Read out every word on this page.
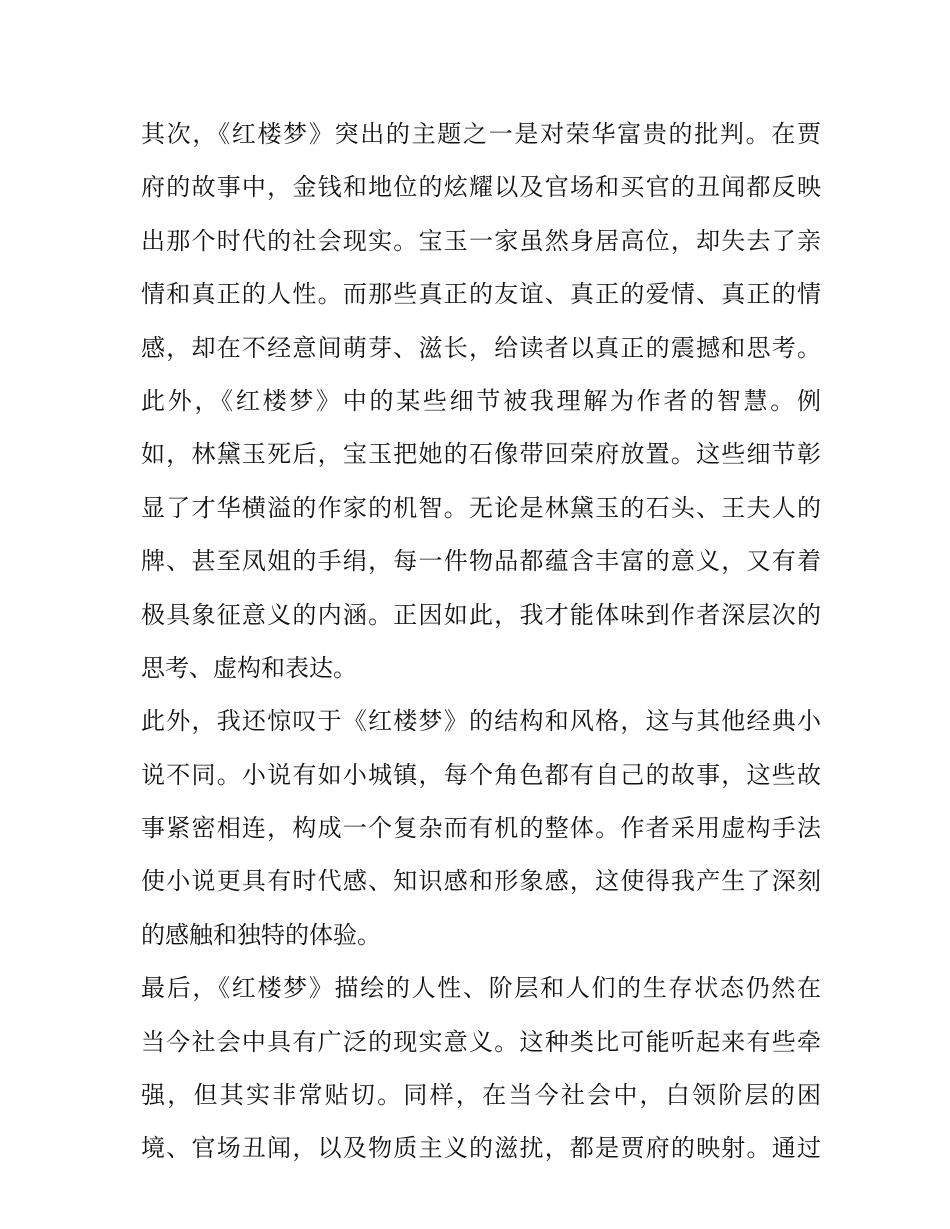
其次，《红楼梦》突出的主题之一是对荣华富贵的批判。在贾
府的故事中，金钱和地位的炫耀以及官场和买官的丑闻都反映
出那个时代的社会现实。宝玉一家虽然身居高位，却失去了亲
情和真正的人性。而那些真正的友谊、真正的爱情、真正的情
感，却在不经意间萌芽、滋长，给读者以真正的震撼和思考。
此外，《红楼梦》中的某些细节被我理解为作者的智慧。例
如，林黛玉死后，宝玉把她的石像带回荣府放置。这些细节彰
显了才华横溢的作家的机智。无论是林黛玉的石头、王夫人的
牌、甚至凤姐的手绢，每一件物品都蕴含丰富的意义，又有着
极具象征意义的内涵。正因如此，我才能体味到作者深层次的
思考、虚构和表达。
此外，我还惊叹于《红楼梦》的结构和风格，这与其他经典小
说不同。小说有如小城镇，每个角色都有自己的故事，这些故
事紧密相连，构成一个复杂而有机的整体。作者采用虚构手法
使小说更具有时代感、知识感和形象感，这使得我产生了深刻
的感触和独特的体验。
最后，《红楼梦》描绘的人性、阶层和人们的生存状态仍然在
当今社会中具有广泛的现实意义。这种类比可能听起来有些牵
强，但其实非常贴切。同样，在当今社会中，白领阶层的困
境、官场丑闻，以及物质主义的滋扰，都是贾府的映射。通过
